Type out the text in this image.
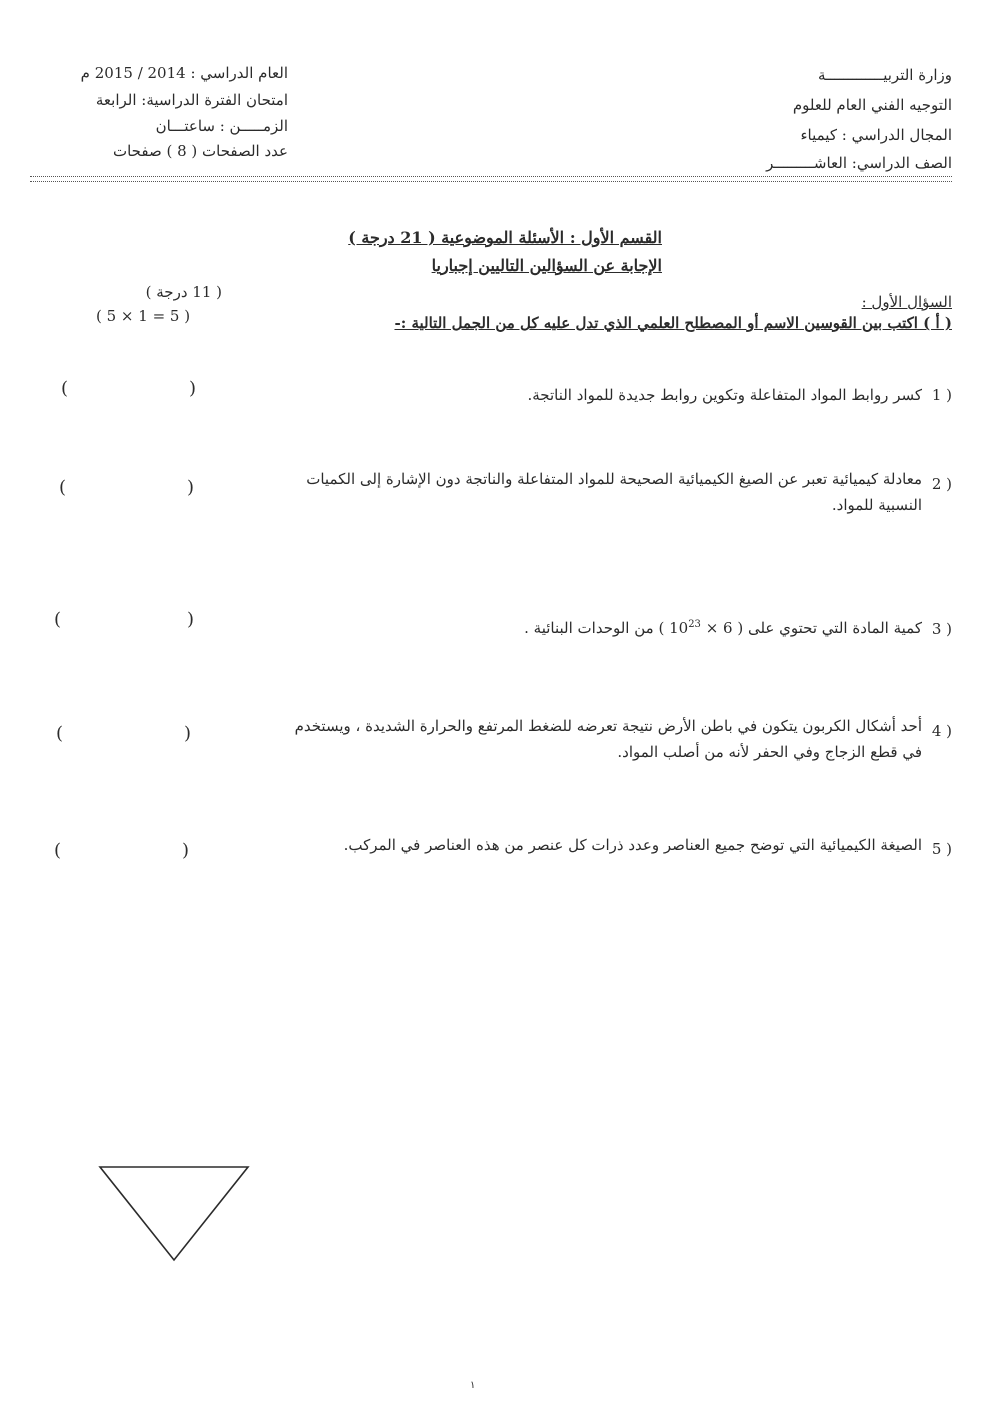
وزارة التربيـــــــــــــة
التوجيه الفني العام للعلوم
المجال الدراسي : كيمياء
الصف الدراسي: العاشـــــــــر
العام الدراسي : 2014 / 2015 م
امتحان الفترة الدراسية: الرابعة
الزمـــــن : ساعتـــان
عدد الصفحات ( 8 ) صفحات
القسم الأول : الأسئلة الموضوعية ( 21 درجة )
الإجابة عن السؤالين التاليين إجباريا
السؤال الأول :
( 11 درجة )
( 5 × 1 = 5 )	( أ ) اكتب بين القوسين الاسم أو المصطلح العلمي الذي تدل عليه كل من الجمل التالية :-
1 )
كسر روابط المواد المتفاعلة وتكوين روابط جديدة للمواد الناتجة.
)
(
2 )
معادلة كيميائية تعبر عن الصيغ الكيميائية الصحيحة للمواد المتفاعلة والناتجة دون الإشارة إلى الكميات النسبية للمواد.
)
(
3 )
كمية المادة التي تحتوي على ( $6 \times 10^{23}$ ) من الوحدات البنائية .
)
(
4 )
أحد أشكال الكربون يتكون في باطن الأرض نتيجة تعرضه للضغط المرتفع والحرارة الشديدة ، ويستخدم في قطع الزجاج وفي الحفر لأنه من أصلب المواد.
)
(
5 )
الصيغة الكيميائية التي توضح جميع العناصر وعدد ذرات كل عنصر من هذه العناصر في المركب.
)
(
١
